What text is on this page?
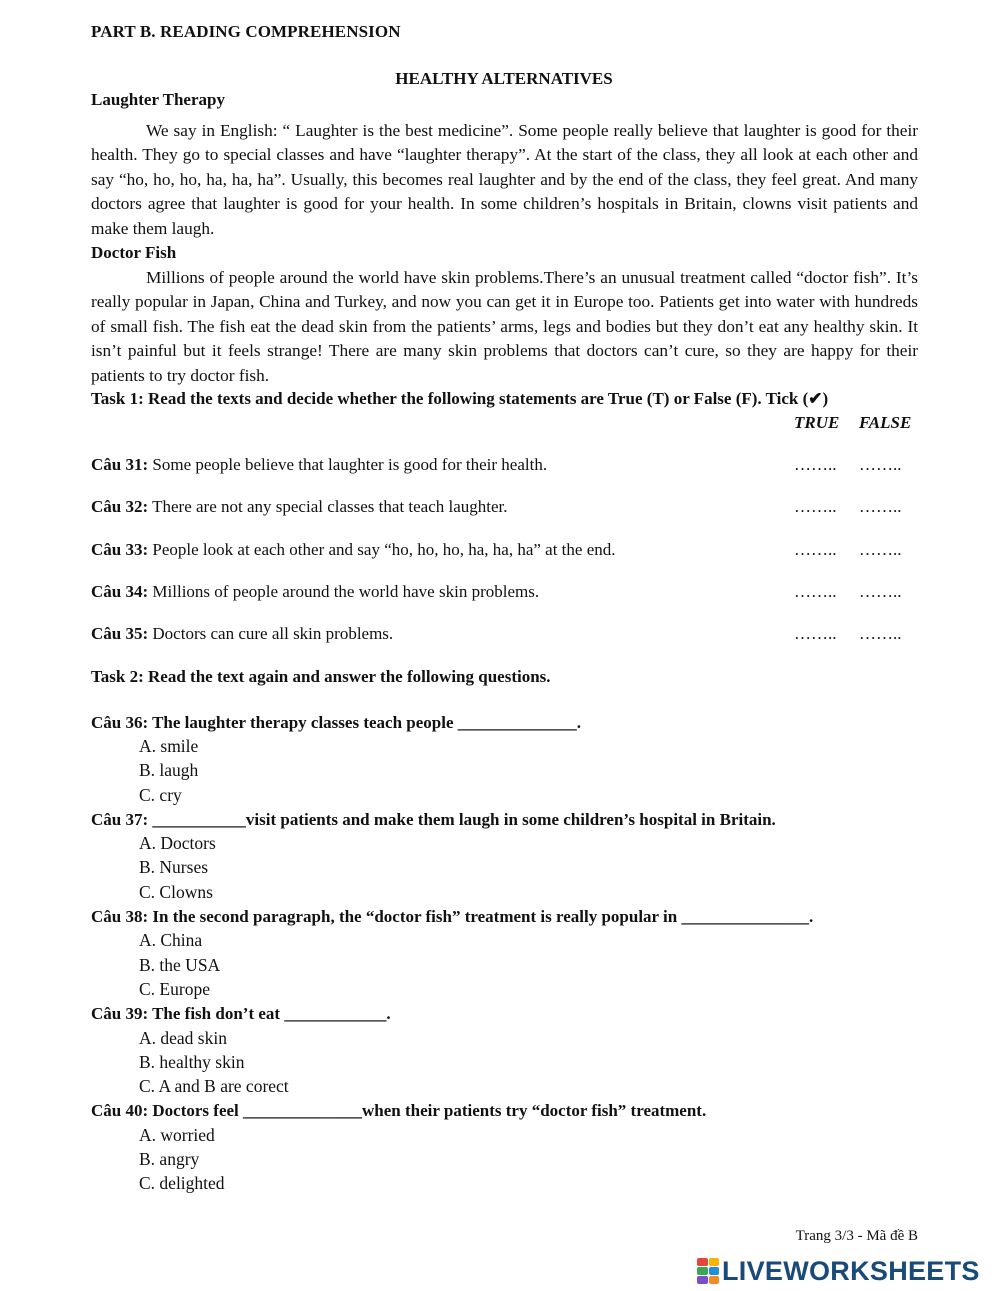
PART B. READING COMPREHENSION
HEALTHY ALTERNATIVES
Laughter Therapy
We say in English: “ Laughter is the best medicine”. Some people really believe that laughter is good for their health. They go to special classes and have “laughter therapy”. At the start of the class, they all look at each other and say “ho, ho, ho, ha, ha, ha”. Usually, this becomes real laughter and by the end of the class, they feel great. And many doctors agree that laughter is good for your health. In some children’s hospitals in Britain, clowns visit patients and make them laugh.
Doctor Fish
Millions of people around the world have skin problems.There’s an unusual treatment called “doctor fish”. It’s really popular in Japan, China and Turkey, and now you can get it in Europe too. Patients get into water with hundreds of small fish. The fish eat the dead skin from the patients’ arms, legs and bodies but they don’t eat any healthy skin. It isn’t painful but it feels strange! There are many skin problems that doctors can’t cure, so they are happy for their patients to try doctor fish.
Task 1: Read the texts and decide whether the following statements are True (T) or False (F). Tick (✔)
TRUE FALSE
Câu 31: Some people believe that laughter is good for their health.	…….. ……..
Câu 32: There are not any special classes that teach laughter.	…….. ……..
Câu 33: People look at each other and say “ho, ho, ho, ha, ha, ha” at the end.	…….. ……..
Câu 34: Millions of people around the world have skin problems.	…….. ……..
Câu 35: Doctors can cure all skin problems.	…….. ……..
Task 2: Read the text again and answer the following questions.
Câu 36: The laughter therapy classes teach people ______________.
A. smile
B. laugh
C. cry
Câu 37: ___________visit patients and make them laugh in some children’s hospital in Britain.
A. Doctors
B. Nurses
C. Clowns
Câu 38: In the second paragraph, the “doctor fish” treatment is really popular in _______________.
A. China
B. the USA
C. Europe
Câu 39: The fish don’t eat ____________.
A. dead skin
B. healthy skin
C. A and B are corect
Câu 40: Doctors feel ______________when their patients try “doctor fish” treatment.
A. worried
B. angry
C. delighted
Trang 3/3 - Mã đề B
LIVEWORKSHEETS
